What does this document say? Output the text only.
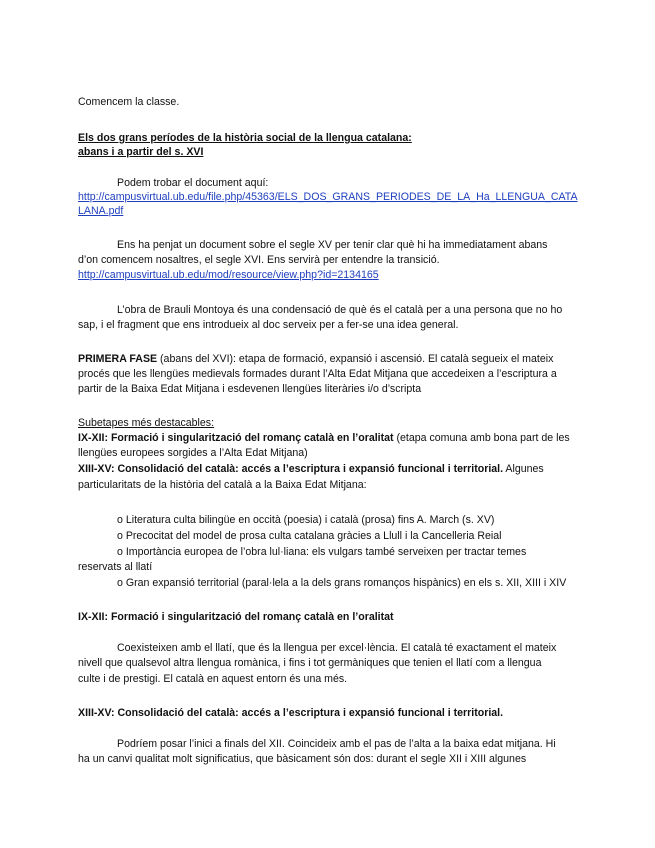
Comencem la classe.
Els dos grans períodes de la història social de la llengua catalana:
abans i a partir del s. XVI
Podem trobar el document aquí:
http://campusvirtual.ub.edu/file.php/45363/ELS_DOS_GRANS_PERIODES_DE_LA_Ha_LLENGUA_CATA
LANA.pdf
Ens ha penjat un document sobre el segle XV per tenir clar què hi ha immediatament abans
d’on comencem nosaltres, el segle XVI. Ens servirà per entendre la transició.
http://campusvirtual.ub.edu/mod/resource/view.php?id=2134165
L’obra de Brauli Montoya és una condensació de què és el català per a una persona que no ho
sap, i el fragment que ens introdueix al doc serveix per a fer-se una idea general.
PRIMERA FASE (abans del XVI): etapa de formació, expansió i ascensió. El català segueix el mateix
procés que les llengües medievals formades durant l’Alta Edat Mitjana que accedeixen a l’escriptura a
partir de la Baixa Edat Mitjana i esdevenen llengües literàries i/o d’scripta
Subetapes més destacables:
IX-XII: Formació i singularització del romanç català en l’oralitat (etapa comuna amb bona part de les
llengües europees sorgides a l’Alta Edat Mitjana)
XIII-XV: Consolidació del català: accés a l’escriptura i expansió funcional i territorial. Algunes
particularitats de la història del català a la Baixa Edat Mitjana:
o Literatura culta bilingüe en occità (poesia) i català (prosa) fins A. March (s. XV)
o Precocitat del model de prosa culta catalana gràcies a Llull i la Cancelleria Reial
o Importància europea de l’obra lul·liana: els vulgars també serveixen per tractar temes
reservats al llatí
o Gran expansió territorial (paral·lela a la dels grans romanços hispànics) en els s. XII, XIII i XIV
IX-XII: Formació i singularització del romanç català en l’oralitat
Coexisteixen amb el llatí, que és la llengua per excel·lència. El català té exactament el mateix
nivell que qualsevol altra llengua romànica, i fins i tot germàniques que tenien el llatí com a llengua
culte i de prestigi. El català en aquest entorn és una més.
XIII-XV: Consolidació del català: accés a l’escriptura i expansió funcional i territorial.
Podríem posar l’inici a finals del XII. Coincideix amb el pas de l’alta a la baixa edat mitjana. Hi
ha un canvi qualitat molt significatius, que bàsicament són dos: durant el segle XII i XIII algunes
